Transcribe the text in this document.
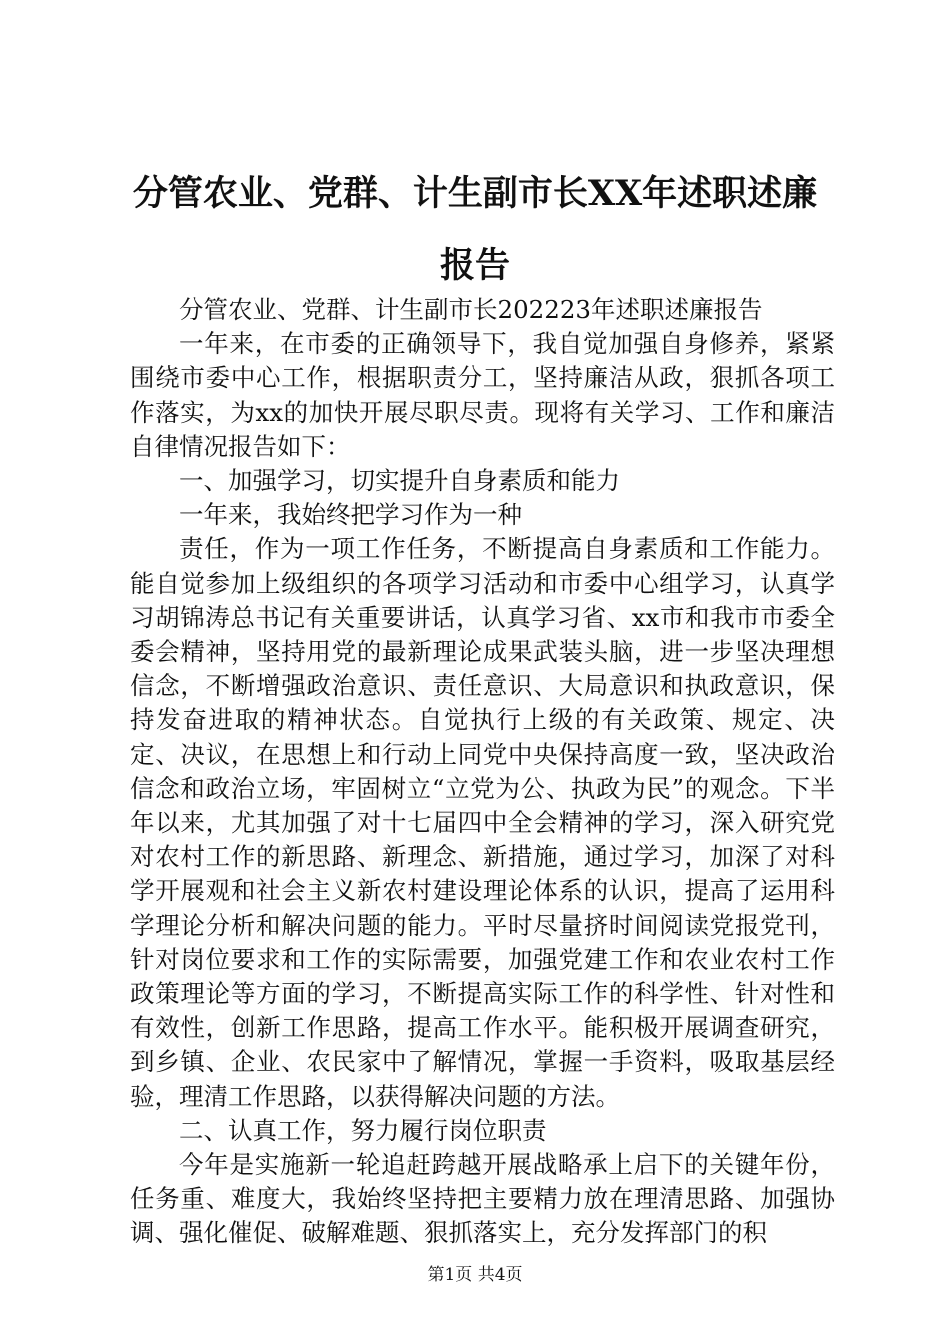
分管农业、党群、计生副市长XX年述职述廉报告

分管农业、党群、计生副市长202223年述职述廉报告

一年来，在市委的正确领导下，我自觉加强自身修养，紧紧围绕市委中心工作，根据职责分工，坚持廉洁从政，狠抓各项工作落实，为xx的加快开展尽职尽责。现将有关学习、工作和廉洁自律情况报告如下：

一、加强学习，切实提升自身素质和能力

一年来，我始终把学习作为一种

责任，作为一项工作任务，不断提高自身素质和工作能力。能自觉参加上级组织的各项学习活动和市委中心组学习，认真学习胡锦涛总书记有关重要讲话，认真学习省、xx市和我市市委全委会精神，坚持用党的最新理论成果武装头脑，进一步坚决理想信念，不断增强政治意识、责任意识、大局意识和执政意识，保持发奋进取的精神状态。自觉执行上级的有关政策、规定、决定、决议，在思想上和行动上同党中央保持高度一致，坚决政治信念和政治立场，牢固树立“立党为公、执政为民”的观念。下半年以来，尤其加强了对十七届四中全会精神的学习，深入研究党对农村工作的新思路、新理念、新措施，通过学习，加深了对科学开展观和社会主义新农村建设理论体系的认识，提高了运用科学理论分析和解决问题的能力。平时尽量挤时间阅读党报党刊，针对岗位要求和工作的实际需要，加强党建工作和农业农村工作政策理论等方面的学习，不断提高实际工作的科学性、针对性和有效性，创新工作思路，提高工作水平。能积极开展调查研究，到乡镇、企业、农民家中了解情况，掌握一手资料，吸取基层经验，理清工作思路，以获得解决问题的方法。

二、认真工作，努力履行岗位职责

今年是实施新一轮追赶跨越开展战略承上启下的关键年份，任务重、难度大，我始终坚持把主要精力放在理清思路、加强协调、强化催促、破解难题、狠抓落实上，充分发挥部门的积

第1页 共4页
